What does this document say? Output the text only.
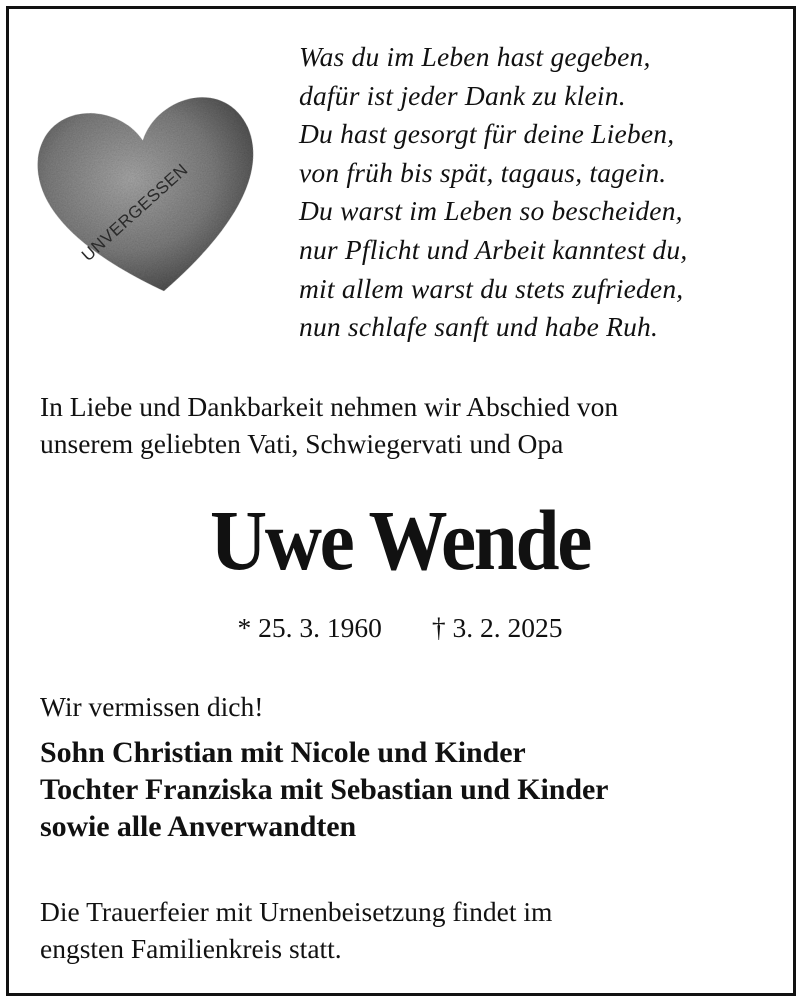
UNVERGESSEN
Was du im Leben hast gegeben,
dafür ist jeder Dank zu klein.
Du hast gesorgt für deine Lieben,
von früh bis spät, tagaus, tagein.
Du warst im Leben so bescheiden,
nur Pflicht und Arbeit kanntest du,
mit allem warst du stets zufrieden,
nun schlafe sanft und habe Ruh.
In Liebe und Dankbarkeit nehmen wir Abschied von
unserem geliebten Vati, Schwiegervati und Opa
Uwe Wende
* 25. 3. 1960 † 3. 2. 2025
Wir vermissen dich!
Sohn Christian mit Nicole und Kinder
Tochter Franziska mit Sebastian und Kinder
sowie alle Anverwandten
Die Trauerfeier mit Urnenbeisetzung findet im
engsten Familienkreis statt.
